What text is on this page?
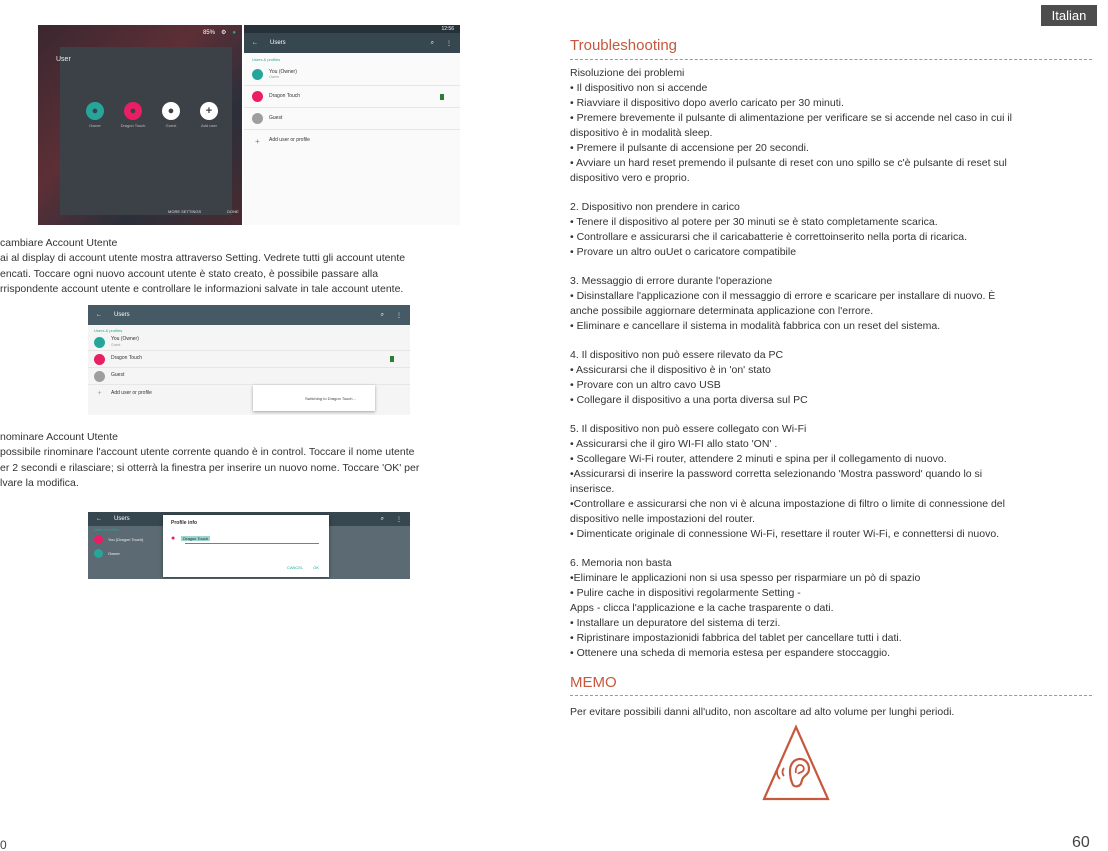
85% ⚙ ●
User
●
Owner
●
Dragon Touch
●
Guest
+
Add user
MORE SETTINGS	DONE
12:56
← Users	⌕ ⋮
Users & profiles
You (Owner)
Owner
Dragon Touch
Guest
+	Add user or profile
cambiare Account Utente

ai al display di account utente mostra attraverso Setting. Vedrete tutti gli account utente

encati. Toccare ogni nuovo account utente è stato creato, è possibile passare alla

rrispondente account utente e controllare le informazioni salvate in tale account utente.

← Users	⌕ ⋮
Users & profiles
You (Owner)
Guest
Dragon Touch
Guest
+	Add user or profile
Switching to Dragon Touch...
nominare Account Utente

possibile rinominare l'account utente corrente quando è in control. Toccare il nome utente

er 2 secondi e rilasciare; si otterrà la finestra per inserire un nuovo nome. Toccare 'OK' per

lvare la modifica.

← Users	⌕ ⋮
Users & profiles
You (Dragon Touch)
Owner
Profile info
●	Dragon Touch
CANCEL	OK
0
Italian
Troubleshooting

Risoluzione dei problemi

• Il dispositivo non si accende

• Riavviare il dispositivo dopo averlo caricato per 30 minuti.

• Premere brevemente il pulsante di alimentazione per verificare se si accende nel caso in cui il

dispositivo è in modalità sleep.

• Premere il pulsante di accensione per 20 secondi.

• Avviare un hard reset premendo il pulsante di reset con uno spillo se c'è pulsante di reset sul

dispositivo vero e proprio.

2. Dispositivo non prendere in carico

• Tenere il dispositivo al potere per 30 minuti se è stato completamente scarica.

• Controllare e assicurarsi che il caricabatterie è correttoinserito nella porta di ricarica.

• Provare un altro ouUet o caricatore compatibile

3. Messaggio di errore durante l'operazione

• Disinstallare l'applicazione con il messaggio di errore e scaricare per installare di nuovo. È

anche possibile aggiornare determinata applicazione con l'errore.

• Eliminare e cancellare il sistema in modalità fabbrica con un reset del sistema.

4. Il dispositivo non può essere rilevato da PC

• Assicurarsi che il dispositivo è in 'on' stato

• Provare con un altro cavo USB

• Collegare il dispositivo a una porta diversa sul PC

5. Il dispositivo non può essere collegato con Wi-Fi

• Assicurarsi che il giro WI-FI allo stato 'ON' .

• Scollegare Wi-Fi router, attendere 2 minuti e spina per il collegamento di nuovo.

•Assicurarsi di inserire la password corretta selezionando 'Mostra password' quando lo si

inserisce.

•Controllare e assicurarsi che non vi è alcuna impostazione di filtro o limite di connessione del

dispositivo nelle impostazioni del router.

• Dimenticate originale di connessione Wi-Fi, resettare il router Wi-Fi, e connettersi di nuovo.

6. Memoria non basta

•Eliminare le applicazioni non si usa spesso per risparmiare un pò di spazio

• Pulire cache in dispositivi regolarmente Setting -

Apps - clicca l'applicazione e la cache trasparente o dati.

• Installare un depuratore del sistema di terzi.

• Ripristinare impostazionidi fabbrica del tablet per cancellare tutti i dati.

• Ottenere una scheda di memoria estesa per espandere stoccaggio.

MEMO

Per evitare possibili danni all'udito, non ascoltare ad alto volume per lunghi periodi.

60
